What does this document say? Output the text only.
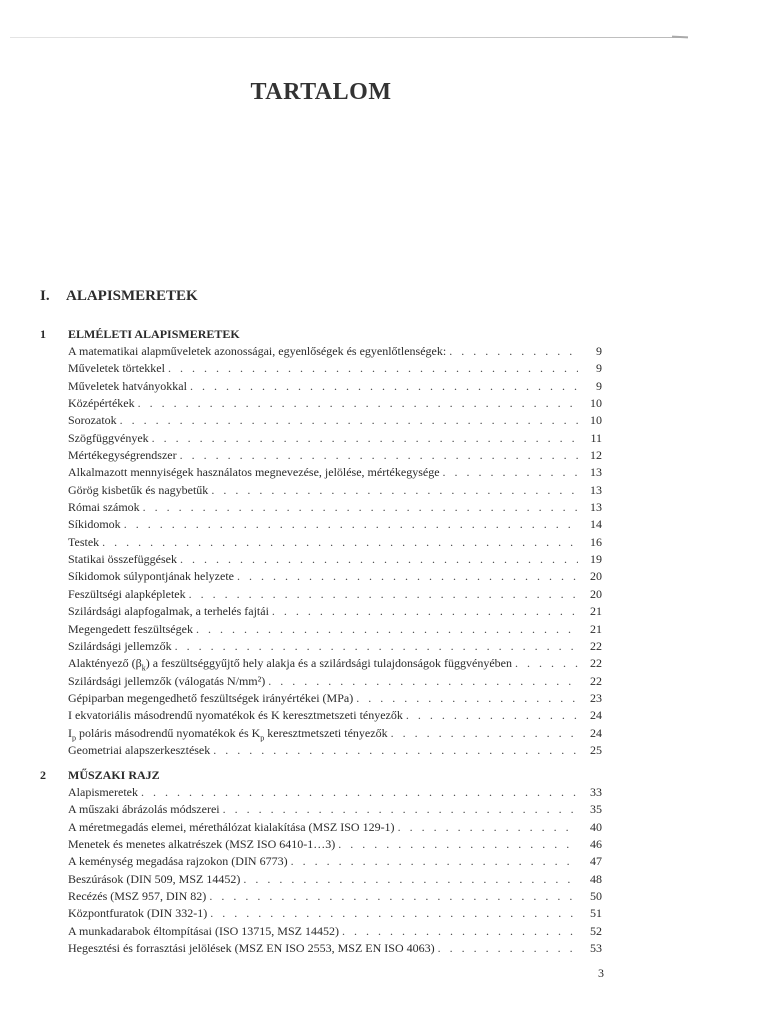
TARTALOM
I. ALAPISMERETEK
1	ELMÉLETI ALAPISMERETEK
A matematikai alapműveletek azonosságai, egyenlőségek és egyenlőtlenségek: . . .	9
Műveletek törtekkel . . .	9
Műveletek hatványokkal . . .	9
Középértékek . . .	10
Sorozatok . . .	10
Szögfüggvények . . .	11
Mértékegységrendszer . . .	12
Alkalmazott mennyiségek használatos megnevezése, jelölése, mértékegysége . . .	13
Görög kisbetűk és nagybetűk . . .	13
Római számok . . .	13
Síkidomok . . .	14
Testek . . .	16
Statikai összefüggések . . .	19
Síkidomok súlypontjának helyzete . . .	20
Feszültségi alapképletek . . .	20
Szilárdsági alapfogalmak, a terhelés fajtái . . .	21
Megengedett feszültségek . . .	21
Szilárdsági jellemzők . . .	22
Alaktényező $(\beta_k)$ a feszültséggyűjtő hely alakja és a szilárdsági tulajdonságok függvényében . . .	22
Szilárdsági jellemzők (válogatás N/mm²) . . .	22
Gépiparban megengedhető feszültségek irányértékei (MPa) . . .	23
I ekvatoriális másodrendű nyomatékok és K keresztmetszeti tényezők . . .	24
$I_p$ poláris másodrendű nyomatékok és $K_p$ keresztmetszeti tényezők . . .	24
Geometriai alapszerkesztések . . .	25
2	MŰSZAKI RAJZ
Alapismeretek . . .	33
A műszaki ábrázolás módszerei . . .	35
A méretmegadás elemei, mérethálózat kialakítása (MSZ ISO 129-1) . . .	40
Menetek és menetes alkatrészek (MSZ ISO 6410-1…3) . . .	46
A keménység megadása rajzokon (DIN 6773) . . .	47
Beszúrások (DIN 509, MSZ 14452) . . .	48
Recézés (MSZ 957, DIN 82) . . .	50
Központfuratok (DIN 332-1) . . .	51
A munkadarabok éltompításai (ISO 13715, MSZ 14452) . . .	52
Hegesztési és forrasztási jelölések (MSZ EN ISO 2553, MSZ EN ISO 4063) . . .	53
3
